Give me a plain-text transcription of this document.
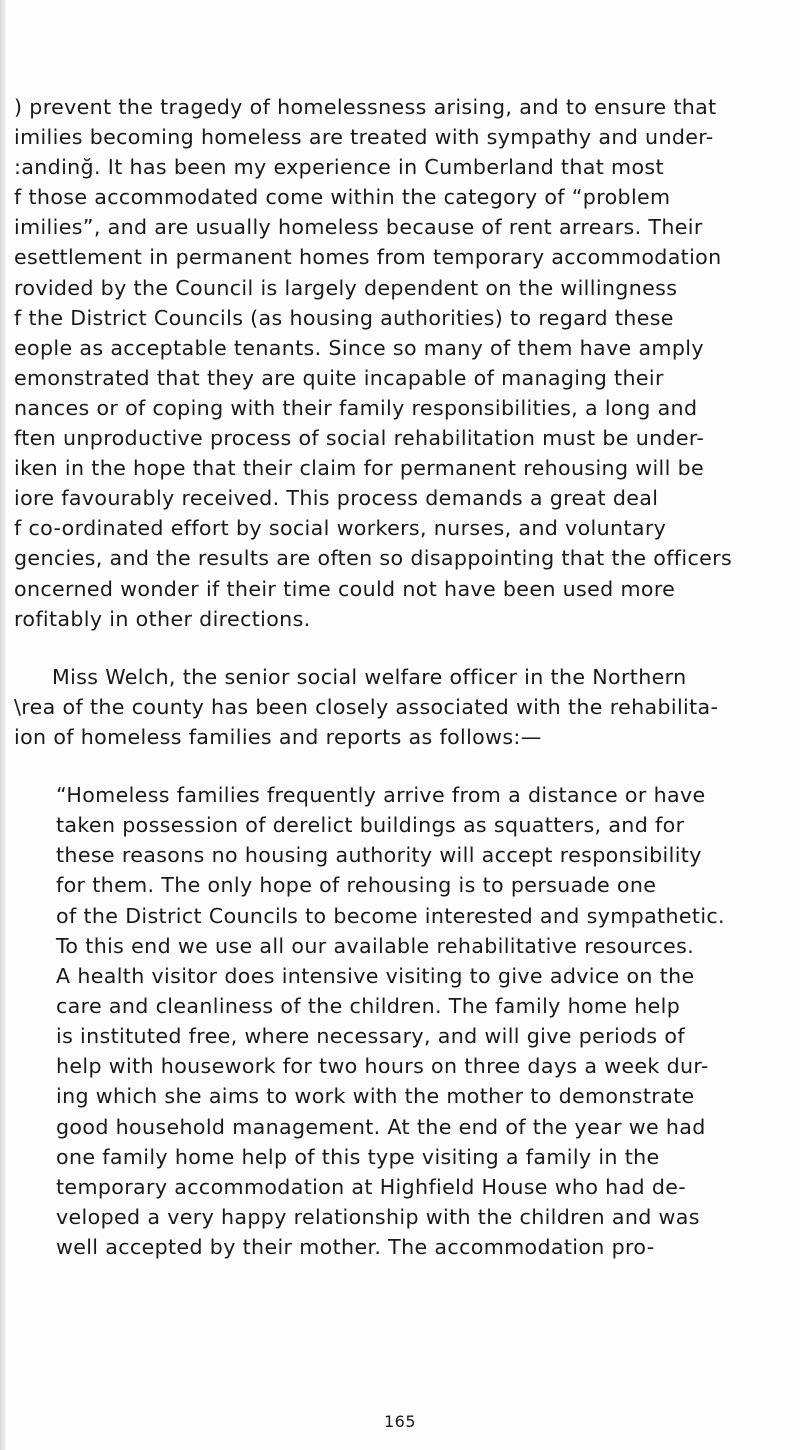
) prevent the tragedy of homelessness arising, and to ensure that
imilies becoming homeless are treated with sympathy and under-
:andinğ. It has been my experience in Cumberland that most
f those accommodated come within the category of “problem
imilies”, and are usually homeless because of rent arrears. Their
esettlement in permanent homes from temporary accommodation
rovided by the Council is largely dependent on the willingness
f the District Councils (as housing authorities) to regard these
eople as acceptable tenants. Since so many of them have amply
emonstrated that they are quite incapable of managing their
nances or of coping with their family responsibilities, a long and
ften unproductive process of social rehabilitation must be under-
iken in the hope that their claim for permanent rehousing will be
iore favourably received. This process demands a great deal
f co-ordinated effort by social workers, nurses, and voluntary
gencies, and the results are often so disappointing that the officers
oncerned wonder if their time could not have been used more
rofitably in other directions.
Miss Welch, the senior social welfare officer in the Northern
\rea of the county has been closely associated with the rehabilita-
ion of homeless families and reports as follows:—
“Homeless families frequently arrive from a distance or have
taken possession of derelict buildings as squatters, and for
these reasons no housing authority will accept responsibility
for them. The only hope of rehousing is to persuade one
of the District Councils to become interested and sympathetic.
To this end we use all our available rehabilitative resources.
A health visitor does intensive visiting to give advice on the
care and cleanliness of the children. The family home help
is instituted free, where necessary, and will give periods of
help with housework for two hours on three days a week dur-
ing which she aims to work with the mother to demonstrate
good household management. At the end of the year we had
one family home help of this type visiting a family in the
temporary accommodation at Highfield House who had de-
veloped a very happy relationship with the children and was
well accepted by their mother. The accommodation pro-
165
